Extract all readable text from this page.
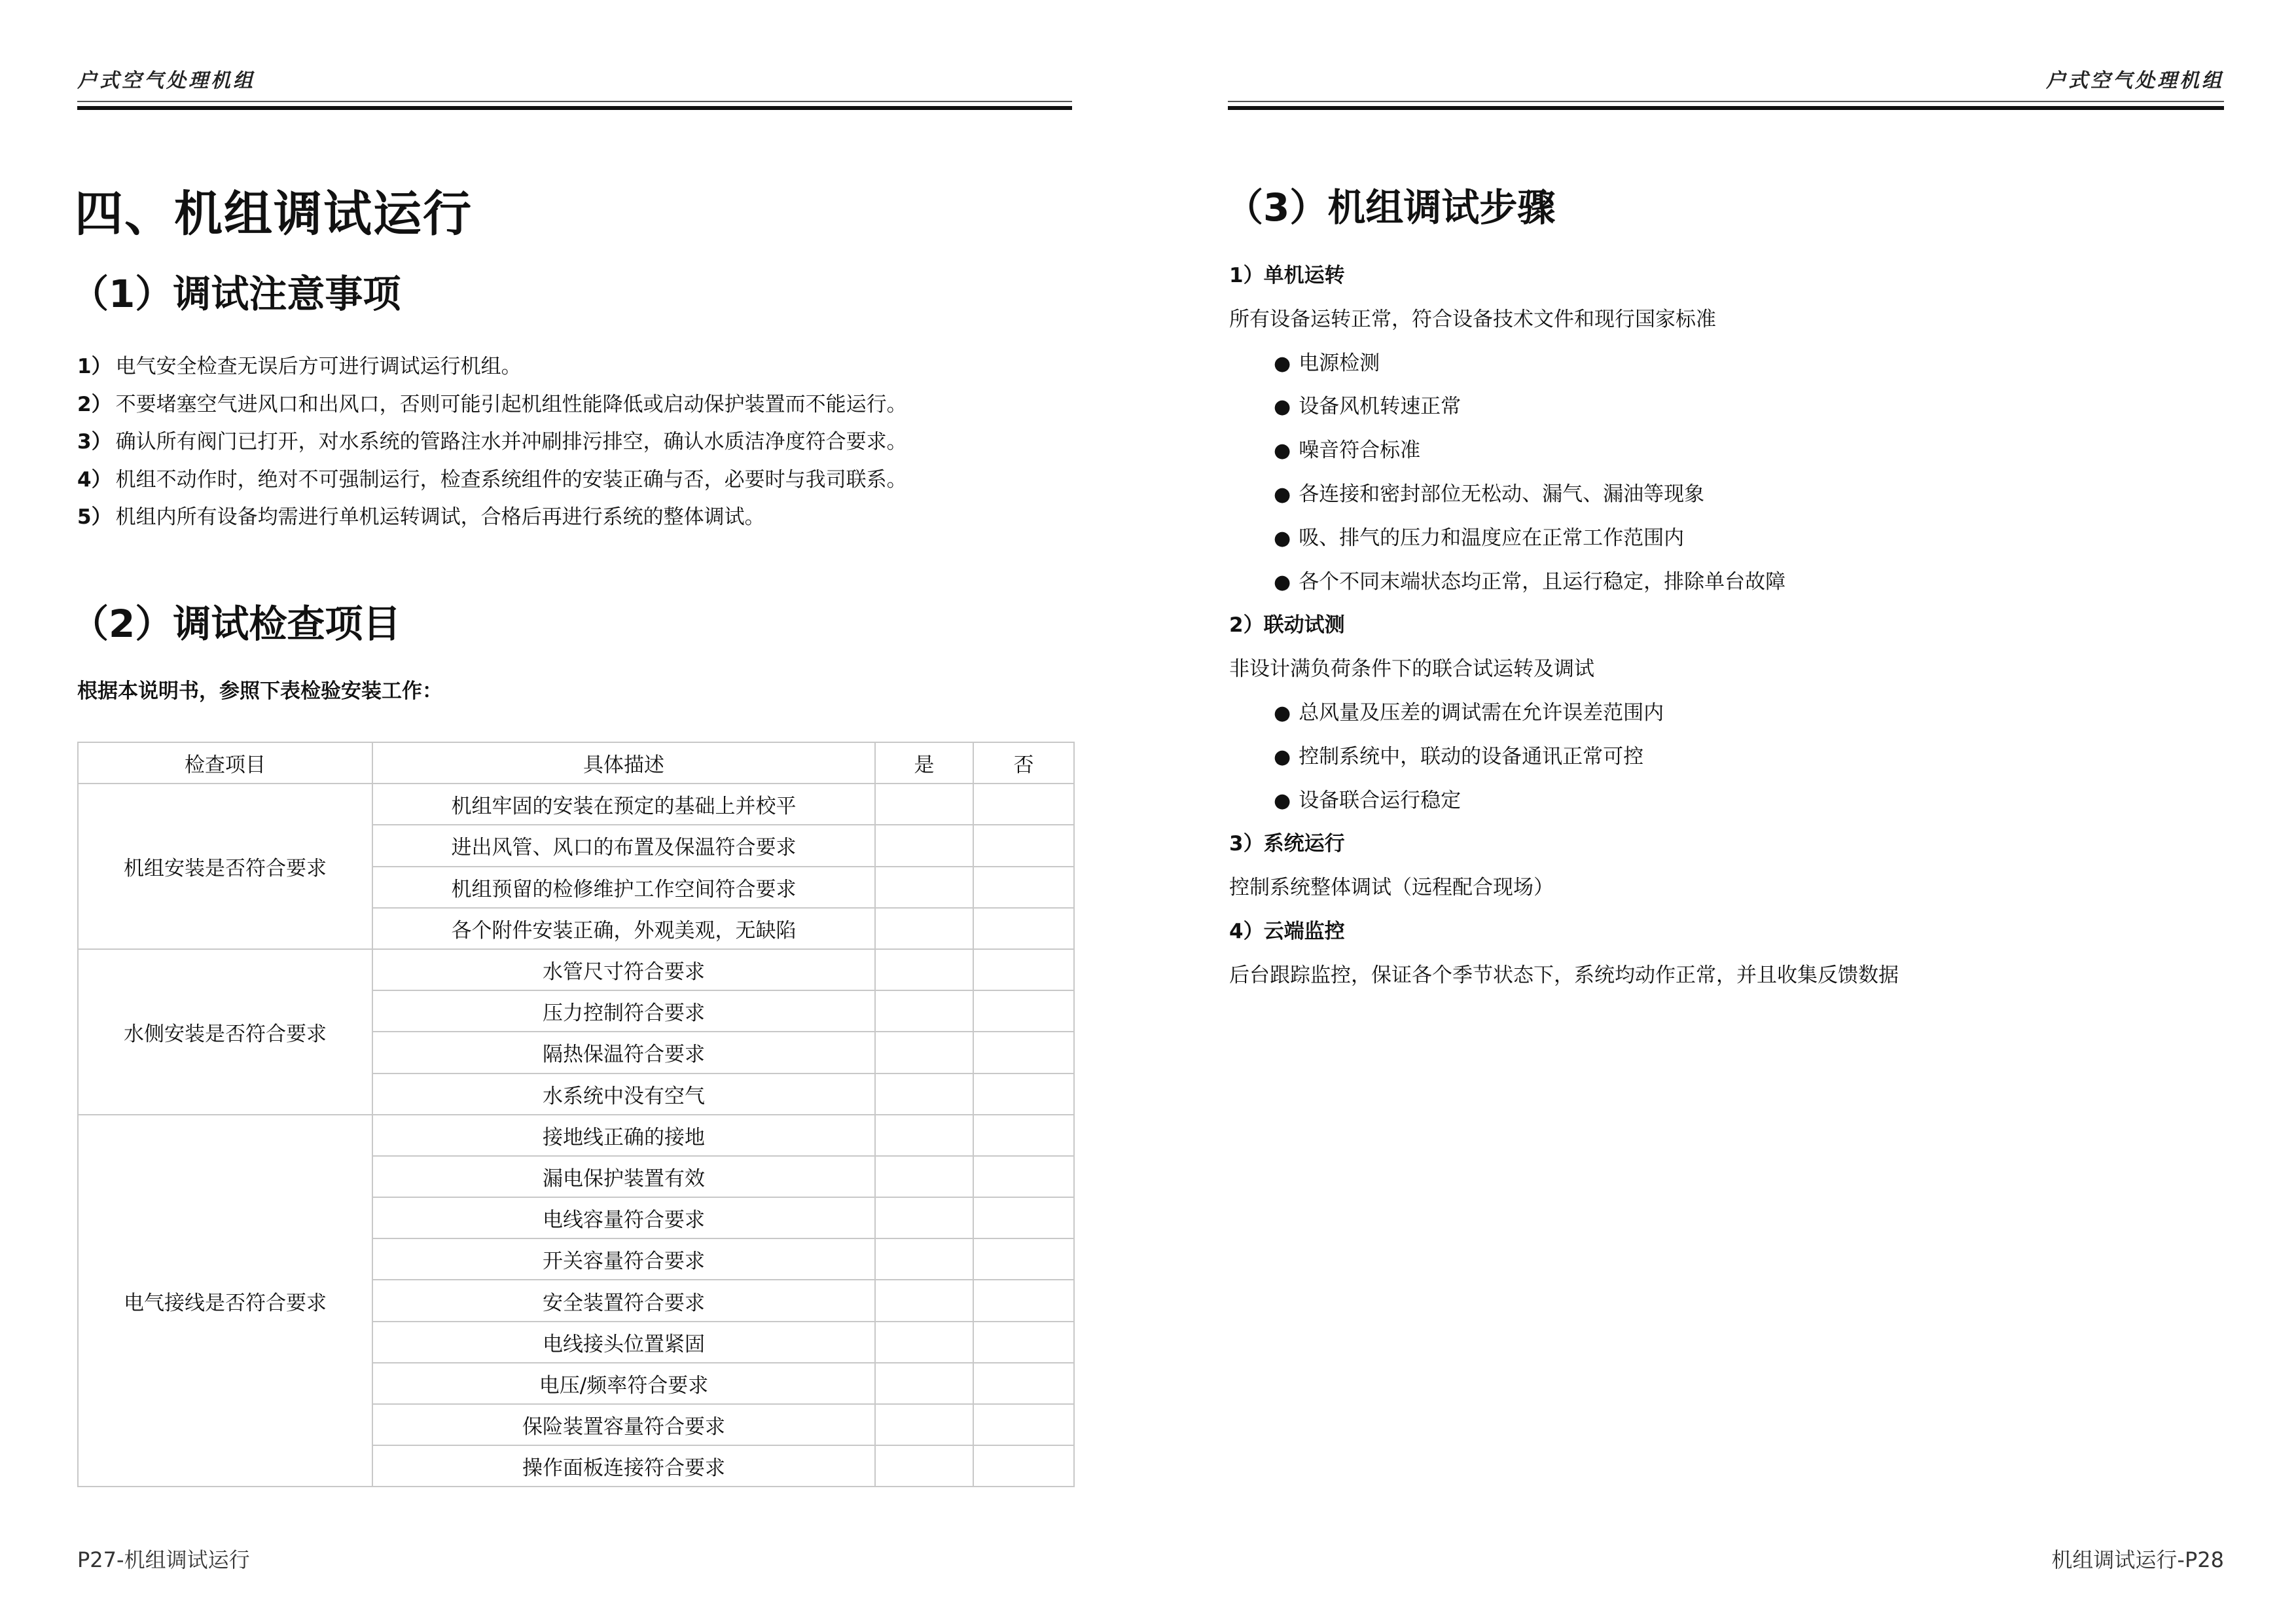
户式空气处理机组
四、机组调试运行
（1）调试注意事项
1） 电气安全检查无误后方可进行调试运行机组。
2） 不要堵塞空气进风口和出风口，否则可能引起机组性能降低或启动保护装置而不能运行。
3） 确认所有阀门已打开，对水系统的管路注水并冲刷排污排空，确认水质洁净度符合要求。
4） 机组不动作时，绝对不可强制运行，检查系统组件的安装正确与否，必要时与我司联系。
5） 机组内所有设备均需进行单机运转调试，合格后再进行系统的整体调试。
（2）调试检查项目
根据本说明书，参照下表检验安装工作：
检查项目	具体描述	是	否
机组安装是否符合要求	机组牢固的安装在预定的基础上并校平		
	进出风管、风口的布置及保温符合要求		
	机组预留的检修维护工作空间符合要求		
	各个附件安装正确，外观美观，无缺陷		
水侧安装是否符合要求	水管尺寸符合要求		
	压力控制符合要求		
	隔热保温符合要求		
	水系统中没有空气		
电气接线是否符合要求	接地线正确的接地		
	漏电保护装置有效		
	电线容量符合要求		
	开关容量符合要求		
	安全装置符合要求		
	电线接头位置紧固		
	电压/频率符合要求		
	保险装置容量符合要求		
	操作面板连接符合要求		
P27-机组调试运行
户式空气处理机组
（3）机组调试步骤
1）单机运转
所有设备运转正常，符合设备技术文件和现行国家标准
● 电源检测
● 设备风机转速正常
● 噪音符合标准
● 各连接和密封部位无松动、漏气、漏油等现象
● 吸、排气的压力和温度应在正常工作范围内
● 各个不同末端状态均正常，且运行稳定，排除单台故障
2）联动试测
非设计满负荷条件下的联合试运转及调试
● 总风量及压差的调试需在允许误差范围内
● 控制系统中，联动的设备通讯正常可控
● 设备联合运行稳定
3）系统运行
控制系统整体调试（远程配合现场）
4）云端监控
后台跟踪监控，保证各个季节状态下，系统均动作正常，并且收集反馈数据
机组调试运行-P28
